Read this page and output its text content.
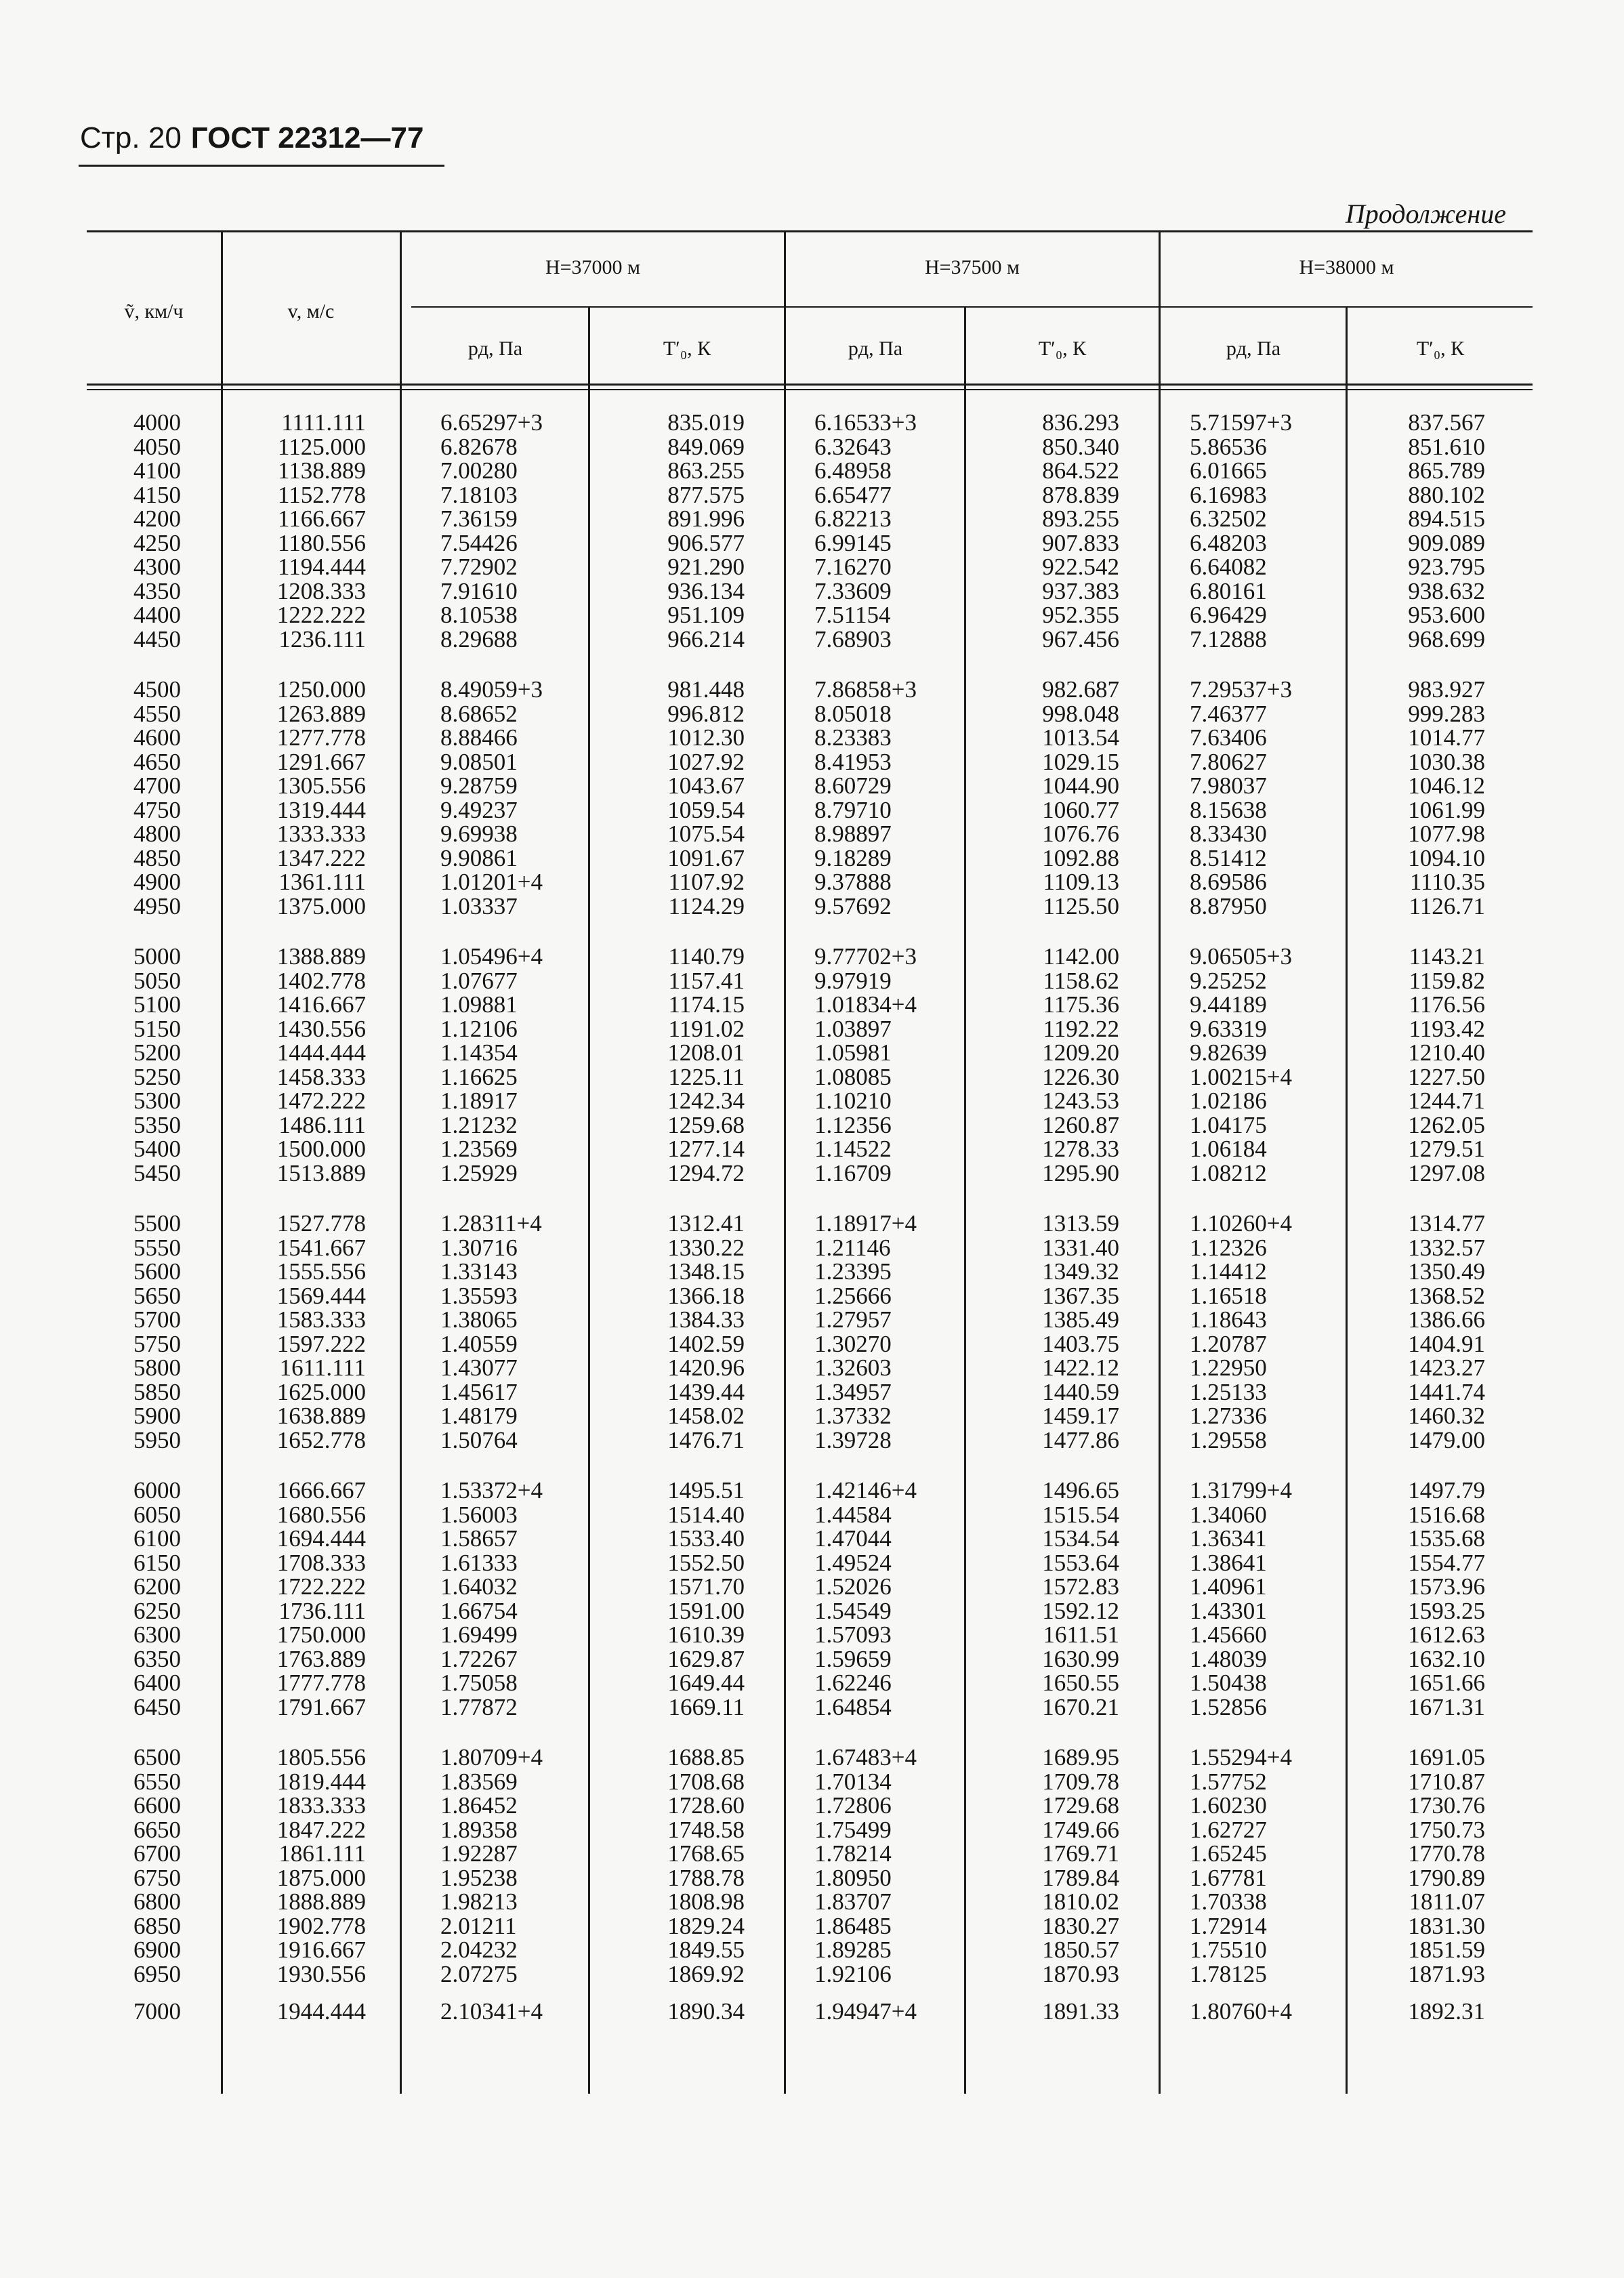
Стр. 20 ГОСТ 22312—77
Продолжение
ṽ, км/ч	v, м/с
H=37000 м	H=37500 м	H=38000 м
pд, Па	T′₀, К	pд, Па	T′₀, К	pд, Па	T′₀, К
4000	1111.111	6.65297+3	835.019	6.16533+3	836.293	5.71597+3	837.567
4050	1125.000	6.82678	849.069	6.32643	850.340	5.86536	851.610
4100	1138.889	7.00280	863.255	6.48958	864.522	6.01665	865.789
4150	1152.778	7.18103	877.575	6.65477	878.839	6.16983	880.102
4200	1166.667	7.36159	891.996	6.82213	893.255	6.32502	894.515
4250	1180.556	7.54426	906.577	6.99145	907.833	6.48203	909.089
4300	1194.444	7.72902	921.290	7.16270	922.542	6.64082	923.795
4350	1208.333	7.91610	936.134	7.33609	937.383	6.80161	938.632
4400	1222.222	8.10538	951.109	7.51154	952.355	6.96429	953.600
4450	1236.111	8.29688	966.214	7.68903	967.456	7.12888	968.699
4500	1250.000	8.49059+3	981.448	7.86858+3	982.687	7.29537+3	983.927
4550	1263.889	8.68652	996.812	8.05018	998.048	7.46377	999.283
4600	1277.778	8.88466	1012.30	8.23383	1013.54	7.63406	1014.77
4650	1291.667	9.08501	1027.92	8.41953	1029.15	7.80627	1030.38
4700	1305.556	9.28759	1043.67	8.60729	1044.90	7.98037	1046.12
4750	1319.444	9.49237	1059.54	8.79710	1060.77	8.15638	1061.99
4800	1333.333	9.69938	1075.54	8.98897	1076.76	8.33430	1077.98
4850	1347.222	9.90861	1091.67	9.18289	1092.88	8.51412	1094.10
4900	1361.111	1.01201+4	1107.92	9.37888	1109.13	8.69586	1110.35
4950	1375.000	1.03337	1124.29	9.57692	1125.50	8.87950	1126.71
5000	1388.889	1.05496+4	1140.79	9.77702+3	1142.00	9.06505+3	1143.21
5050	1402.778	1.07677	1157.41	9.97919	1158.62	9.25252	1159.82
5100	1416.667	1.09881	1174.15	1.01834+4	1175.36	9.44189	1176.56
5150	1430.556	1.12106	1191.02	1.03897	1192.22	9.63319	1193.42
5200	1444.444	1.14354	1208.01	1.05981	1209.20	9.82639	1210.40
5250	1458.333	1.16625	1225.11	1.08085	1226.30	1.00215+4	1227.50
5300	1472.222	1.18917	1242.34	1.10210	1243.53	1.02186	1244.71
5350	1486.111	1.21232	1259.68	1.12356	1260.87	1.04175	1262.05
5400	1500.000	1.23569	1277.14	1.14522	1278.33	1.06184	1279.51
5450	1513.889	1.25929	1294.72	1.16709	1295.90	1.08212	1297.08
5500	1527.778	1.28311+4	1312.41	1.18917+4	1313.59	1.10260+4	1314.77
5550	1541.667	1.30716	1330.22	1.21146	1331.40	1.12326	1332.57
5600	1555.556	1.33143	1348.15	1.23395	1349.32	1.14412	1350.49
5650	1569.444	1.35593	1366.18	1.25666	1367.35	1.16518	1368.52
5700	1583.333	1.38065	1384.33	1.27957	1385.49	1.18643	1386.66
5750	1597.222	1.40559	1402.59	1.30270	1403.75	1.20787	1404.91
5800	1611.111	1.43077	1420.96	1.32603	1422.12	1.22950	1423.27
5850	1625.000	1.45617	1439.44	1.34957	1440.59	1.25133	1441.74
5900	1638.889	1.48179	1458.02	1.37332	1459.17	1.27336	1460.32
5950	1652.778	1.50764	1476.71	1.39728	1477.86	1.29558	1479.00
6000	1666.667	1.53372+4	1495.51	1.42146+4	1496.65	1.31799+4	1497.79
6050	1680.556	1.56003	1514.40	1.44584	1515.54	1.34060	1516.68
6100	1694.444	1.58657	1533.40	1.47044	1534.54	1.36341	1535.68
6150	1708.333	1.61333	1552.50	1.49524	1553.64	1.38641	1554.77
6200	1722.222	1.64032	1571.70	1.52026	1572.83	1.40961	1573.96
6250	1736.111	1.66754	1591.00	1.54549	1592.12	1.43301	1593.25
6300	1750.000	1.69499	1610.39	1.57093	1611.51	1.45660	1612.63
6350	1763.889	1.72267	1629.87	1.59659	1630.99	1.48039	1632.10
6400	1777.778	1.75058	1649.44	1.62246	1650.55	1.50438	1651.66
6450	1791.667	1.77872	1669.11	1.64854	1670.21	1.52856	1671.31
6500	1805.556	1.80709+4	1688.85	1.67483+4	1689.95	1.55294+4	1691.05
6550	1819.444	1.83569	1708.68	1.70134	1709.78	1.57752	1710.87
6600	1833.333	1.86452	1728.60	1.72806	1729.68	1.60230	1730.76
6650	1847.222	1.89358	1748.58	1.75499	1749.66	1.62727	1750.73
6700	1861.111	1.92287	1768.65	1.78214	1769.71	1.65245	1770.78
6750	1875.000	1.95238	1788.78	1.80950	1789.84	1.67781	1790.89
6800	1888.889	1.98213	1808.98	1.83707	1810.02	1.70338	1811.07
6850	1902.778	2.01211	1829.24	1.86485	1830.27	1.72914	1831.30
6900	1916.667	2.04232	1849.55	1.89285	1850.57	1.75510	1851.59
6950	1930.556	2.07275	1869.92	1.92106	1870.93	1.78125	1871.93
7000	1944.444	2.10341+4	1890.34	1.94947+4	1891.33	1.80760+4	1892.31
